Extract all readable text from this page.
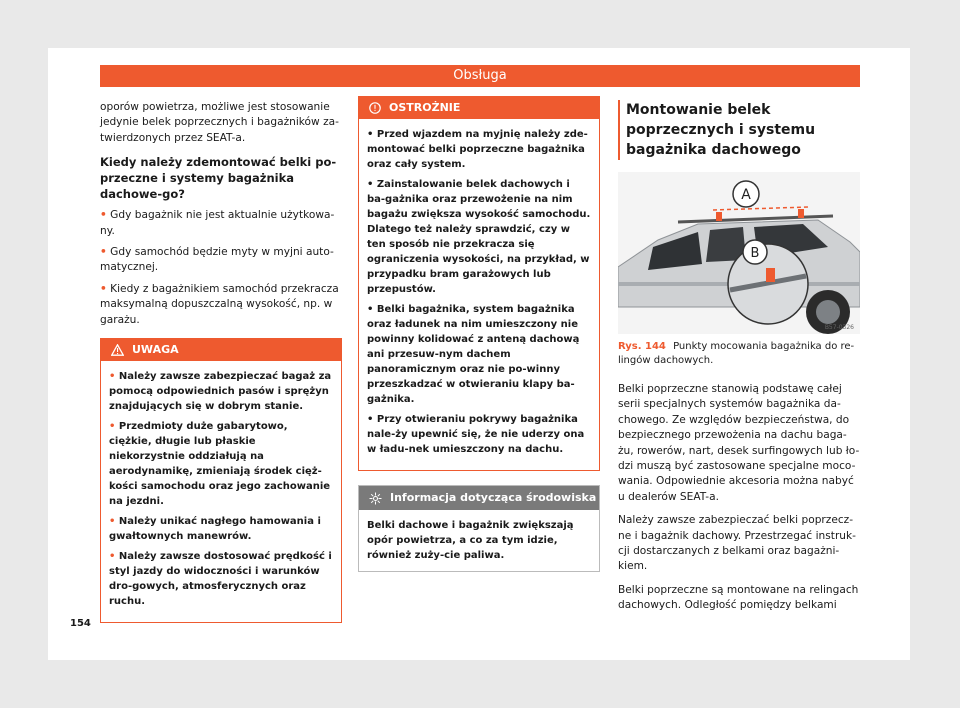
Obsługa

oporów powietrza, możliwe jest stosowanie jedynie belek poprzecznych i bagażników za-twierdzonych przez SEAT-a.

Kiedy należy zdemontować belki po-przeczne i systemy bagażnika dachowe-go?
• Gdy bagażnik nie jest aktualnie użytkowa-ny.
• Gdy samochód będzie myty w myjni auto-matycznej.
• Kiedy z bagażnikiem samochód przekracza maksymalną dopuszczalną wysokość, np. w garażu.
UWAGA
• Należy zawsze zabezpieczać bagaż za pomocą odpowiednich pasów i sprężyn znajdujących się w dobrym stanie.
• Przedmioty duże gabarytowo, ciężkie, długie lub płaskie niekorzystnie oddziałują na aerodynamikę, zmieniają środek cięż-kości samochodu oraz jego zachowanie na jezdni.
• Należy unikać nagłego hamowania i gwałtownych manewrów.
• Należy zawsze dostosować prędkość i styl jazdy do widoczności i warunków dro-gowych, atmosferycznych oraz ruchu.
OSTROŻNIE
• Przed wjazdem na myjnię należy zde-montować belki poprzeczne bagażnika oraz cały system.
• Zainstalowanie belek dachowych i ba-gażnika oraz przewożenie na nim bagażu zwiększa wysokość samochodu. Dlatego też należy sprawdzić, czy w ten sposób nie przekracza się ograniczenia wysokości, na przykład, w przypadku bram garażowych lub przepustów.
• Belki bagażnika, system bagażnika oraz ładunek na nim umieszczony nie powinny kolidować z anteną dachową ani przesuw-nym dachem panoramicznym oraz nie po-winny przeszkadzać w otwieraniu klapy ba-gażnika.
• Przy otwieraniu pokrywy bagażnika nale-ży upewnić się, że nie uderzy ona w ładu-nek umieszczony na dachu.
Informacja dotycząca środowiska
Belki dachowe i bagażnik zwiększają opór powietrza, a co za tym idzie, również zuży-cie paliwa.
Montowanie belek poprzecznych i systemu bagażnika dachowego
A
B
B57-0326
Rys. 144 Punkty mocowania bagażnika do re-lingów dachowych.

Belki poprzeczne stanowią podstawę całej serii specjalnych systemów bagażnika da-chowego. Ze względów bezpieczeństwa, do bezpiecznego przewożenia na dachu baga-żu, rowerów, nart, desek surfingowych lub ło-dzi muszą być zastosowane specjalne moco-wania. Odpowiednie akcesoria można nabyć u dealerów SEAT-a.

Należy zawsze zabezpieczać belki poprzecz-ne i bagażnik dachowy. Przestrzegać instruk-cji dostarczanych z belkami oraz bagażni-kiem.

Belki poprzeczne są montowane na relingach dachowych. Odległość pomiędzy belkami

154
